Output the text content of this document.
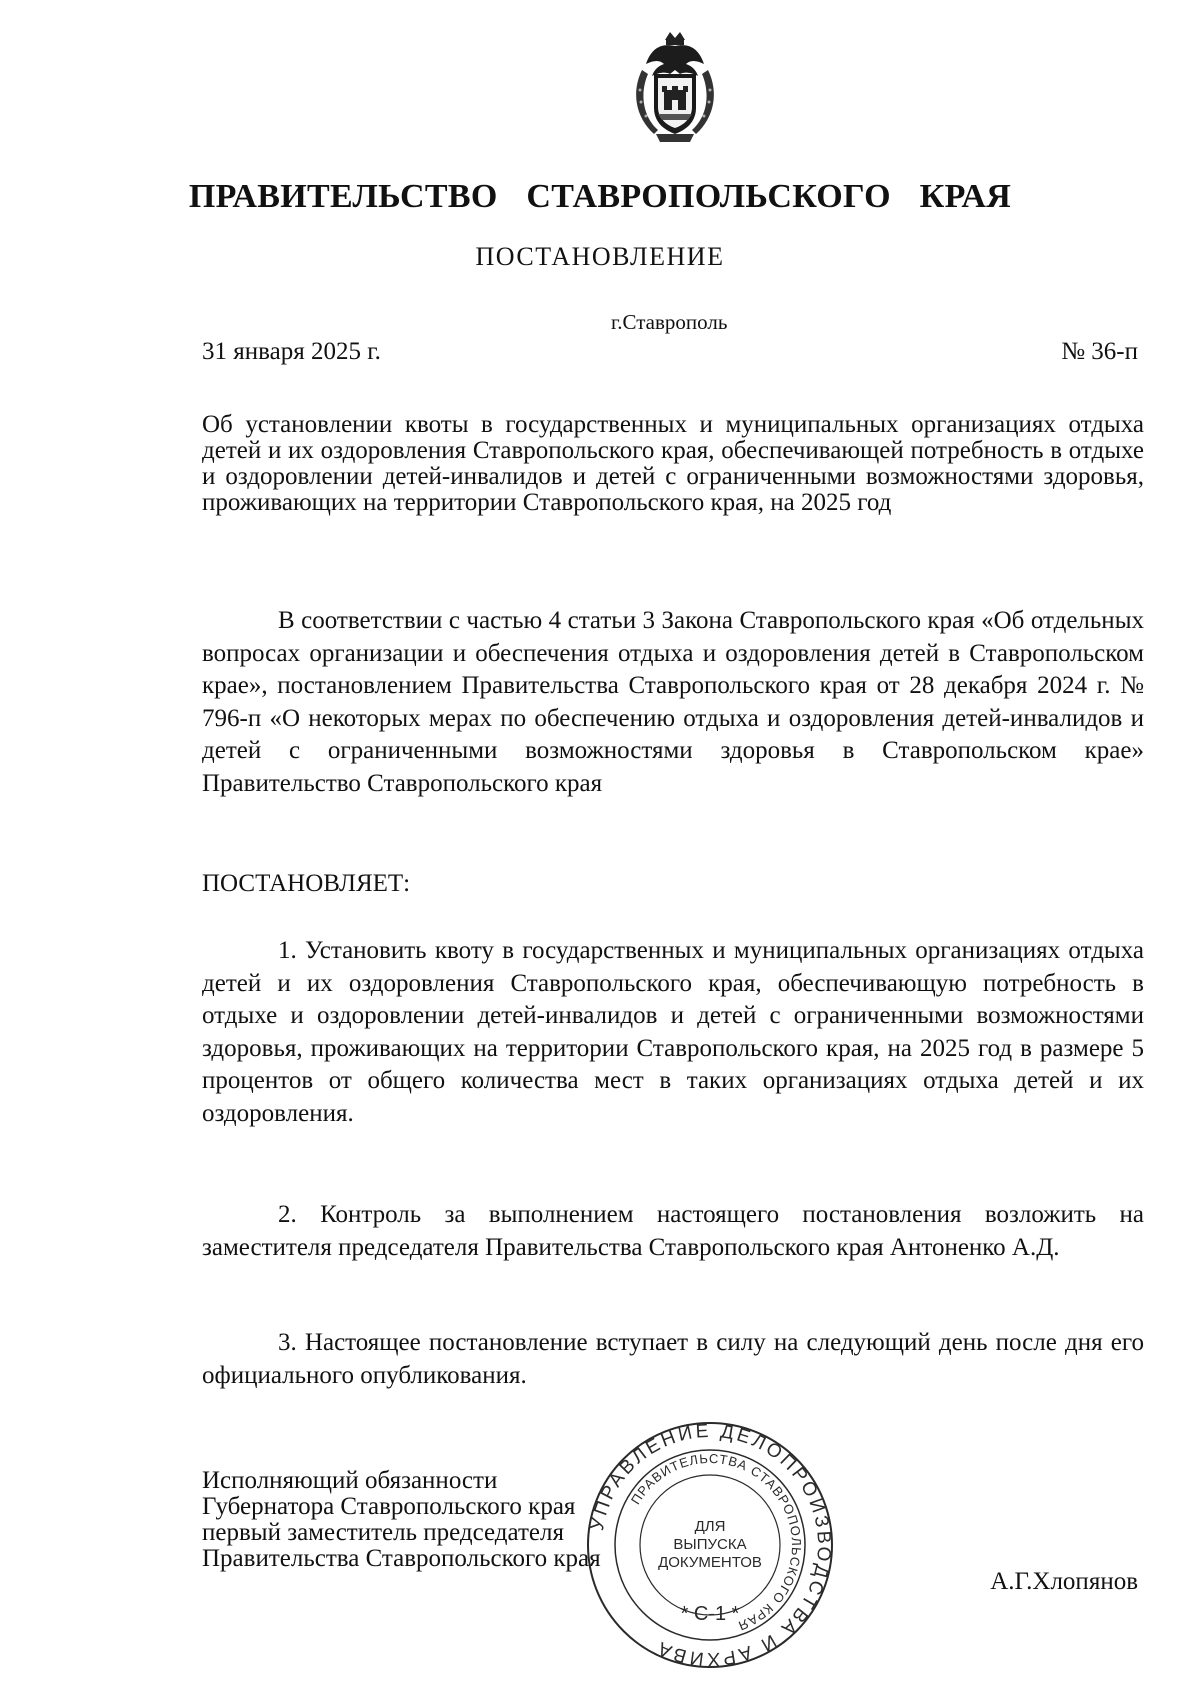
ПРАВИТЕЛЬСТВО СТАВРОПОЛЬСКОГО КРАЯ
ПОСТАНОВЛЕНИЕ
г.Ставрополь
31 января 2025 г.	№ 36-п
Об установлении квоты в государственных и муниципальных организациях отдыха детей и их оздоровления Ставропольского края, обеспечивающей потребность в отдыхе и оздоровлении детей-инвалидов и детей с ограниченными возможностями здоровья, проживающих на территории Ставропольского края, на 2025 год
В соответствии с частью 4 статьи 3 Закона Ставропольского края «Об отдельных вопросах организации и обеспечения отдыха и оздоровления детей в Ставропольском крае», постановлением Правительства Ставропольского края от 28 декабря 2024 г. № 796-п «О некоторых мерах по обеспечению отдыха и оздоровления детей-инвалидов и детей с ограниченными возможностями здоровья в Ставропольском крае» Правительство Ставропольского края
ПОСТАНОВЛЯЕТ:
1. Установить квоту в государственных и муниципальных организациях отдыха детей и их оздоровления Ставропольского края, обеспечивающую потребность в отдыхе и оздоровлении детей-инвалидов и детей с ограниченными возможностями здоровья, проживающих на территории Ставропольского края, на 2025 год в размере 5 процентов от общего количества мест в таких организациях отдыха детей и их оздоровления.
2. Контроль за выполнением настоящего постановления возложить на заместителя председателя Правительства Ставропольского края Антоненко А.Д.
3. Настоящее постановление вступает в силу на следующий день после дня его официального опубликования.
Исполняющий обязанности
Губернатора Ставропольского края
первый заместитель председателя
Правительства Ставропольского края
А.Г.Хлопянов
УПРАВЛЕНИЕ ДЕЛОПРОИЗВОДСТВА И АРХИВА
ПРАВИТЕЛЬСТВА СТАВРОПОЛЬСКОГО КРАЯ
ДЛЯ
ВЫПУСКА
ДОКУМЕНТОВ
* С-1 *
